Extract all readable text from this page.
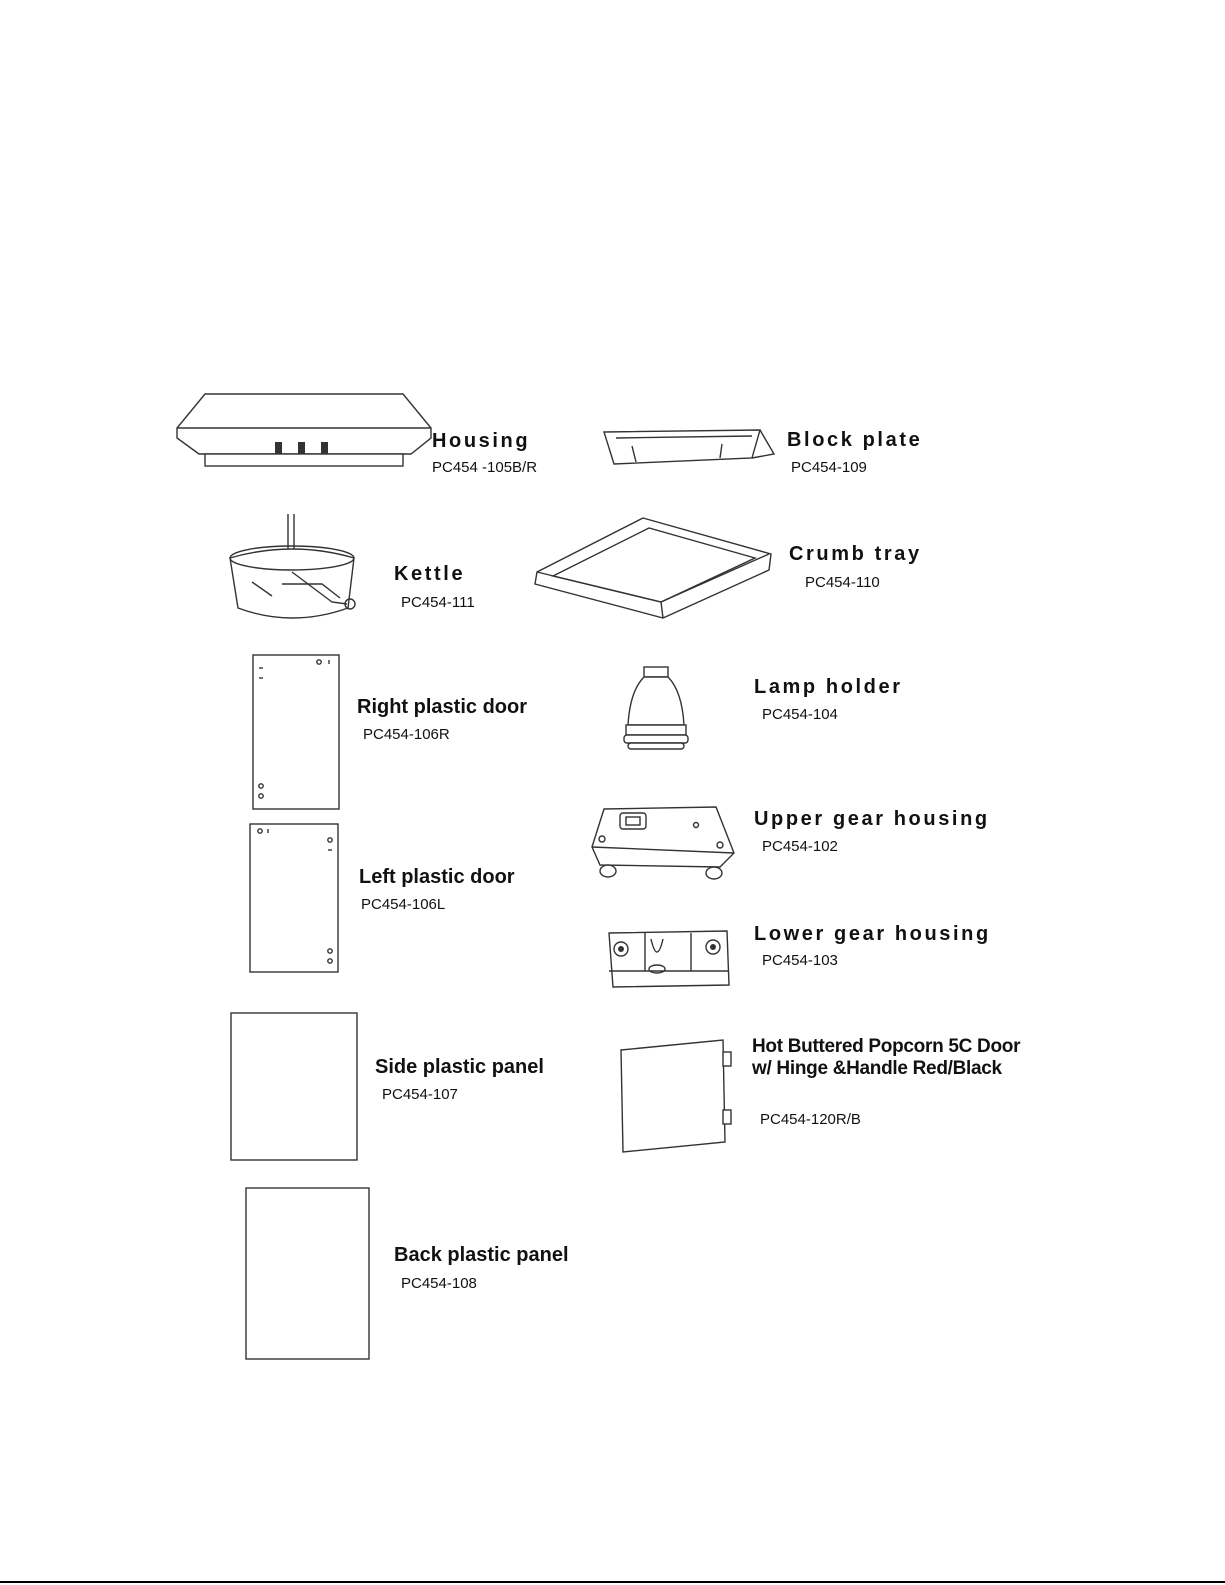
Housing
PC454 -105B/R
Block plate
PC454-109
Kettle
PC454-111
Crumb tray
PC454-110
Right plastic door
PC454-106R
Lamp holder
PC454-104
Upper gear housing
PC454-102
Left plastic door
PC454-106L
Lower gear housing
PC454-103
Side plastic panel
PC454-107
Hot Buttered Popcorn 5C Door w/ Hinge &Handle Red/Black
PC454-120R/B
Back plastic panel
PC454-108
